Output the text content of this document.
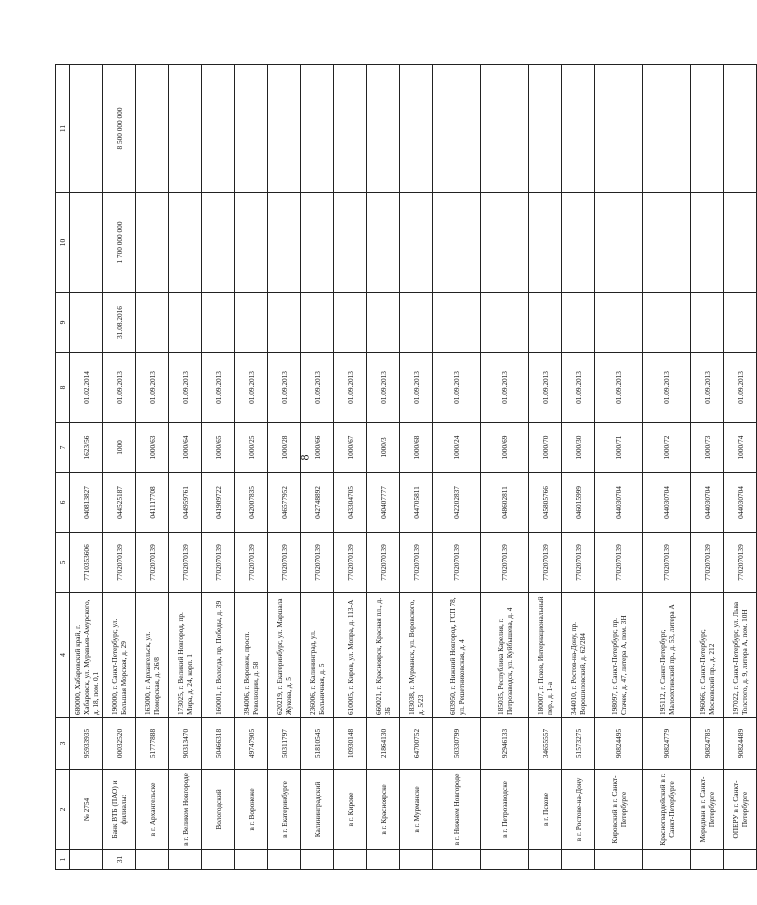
8
1	2	3	4	5	6	7	8	9	10	11
	№ 2754	95933935	680000, Хабаровский край, г. Хабаровск, ул. Муравьев-Амурского, д. 18, пом. 0,1	7710353606	040813827	1623/56	01.02.2014			
31	Банк ВТБ (ПАО) и филиалы:	00032520	190000, г. Санкт-Петербург, ул. Большая Морская, д. 29	7702070139	044525187	1000	01.09.2013	31.08.2016	1 700 000 000	8 500 000 000
	в г. Архангельске	51777888	163000, г. Архангельск, ул. Поморская, д. 26/8	7702070139	041117708	1000/63	01.09.2013			
	в г. Великом Новгороде	90313470	173025, г. Великий Новгород, пр. Мира, д. 24, корп. 1	7702070139	044959761	1000/64	01.09.2013			
	Вологодский	50466318	160001, г. Вологда, пр. Победы, д. 39	7702070139	041909722	1000/65	01.09.2013			
	в г. Воронеже	49747905	394006, г. Воронеж, просп. Революции, д. 58	7702070139	042007835	1000/25	01.09.2013			
	в г. Екатеринбурге	50311797	620219, г. Екатеринбург, ул. Маршала Жукова, д. 5	7702070139	046577952	1000/28	01.09.2013			
	Калининградский	51810545	236006, г. Калининград, ул. Больничная, д. 5	7702070139	042748892	1000/66	01.09.2013			
	в г. Кирове	10930148	610005, г. Киров, ул. Мопра, д. 113-А	7702070139	043304705	1000/67	01.09.2013			
	в г. Красноярске	21864130	660021, г. Красноярск, Красная пл., д. 3Б	7702070139	040407777	1000/3	01.09.2013			
	в г. Мурманске	64700752	183038, г. Мурманск, ул. Воровского, д. 5/23	7702070139	044705811	1000/68	01.09.2013			
	в г. Нижнем Новгороде	50330799	603950, г. Нижний Новгород, ГСП 78, ул. Решетниковская, д. 4	7702070139	042202837	1000/24	01.09.2013			
	в г. Петрозаводске	92946133	185035, Республика Карелия, г. Петрозаводск, ул. Куйбышева, д. 4	7702070139	048602811	1000/69	01.09.2013			
	в г. Пскове	34655557	180007, г. Псков, Интернациональный пер., д. 1-а	7702070139	045805766	1000/70	01.09.2013			
	в г. Ростове-на-Дону	51573275	344010, г. Ростов-на-Дону, пр. Ворошиловский, д. 62/284	7702070139	046015999	1000/30	01.09.2013			
	Кировский в г. Санкт-Петербурге	90824495	198097, г. Санкт-Петербург, пр. Стачек, д. 47, литера А, пом. 3Н	7702070139	044030704	1000/71	01.09.2013			
	Красногвардейский в г. Санкт-Петербурге	90824779	195112, г. Санкт-Петербург, Малоохтинский пр., д. 53, литера А	7702070139	044030704	1000/72	01.09.2013			
	Меридиан в г. Санкт-Петербурге	90824785	196066, г. Санкт-Петербург, Московский пр., д. 212	7702070139	044030704	1000/73	01.09.2013			
	ОПЕРУ в г. Санкт-Петербурге	90824489	197022, г. Санкт-Петербург, ул. Льва Толстого, д. 9, литера А, пом. 10Н	7702070139	044030704	1000/74	01.09.2013			
